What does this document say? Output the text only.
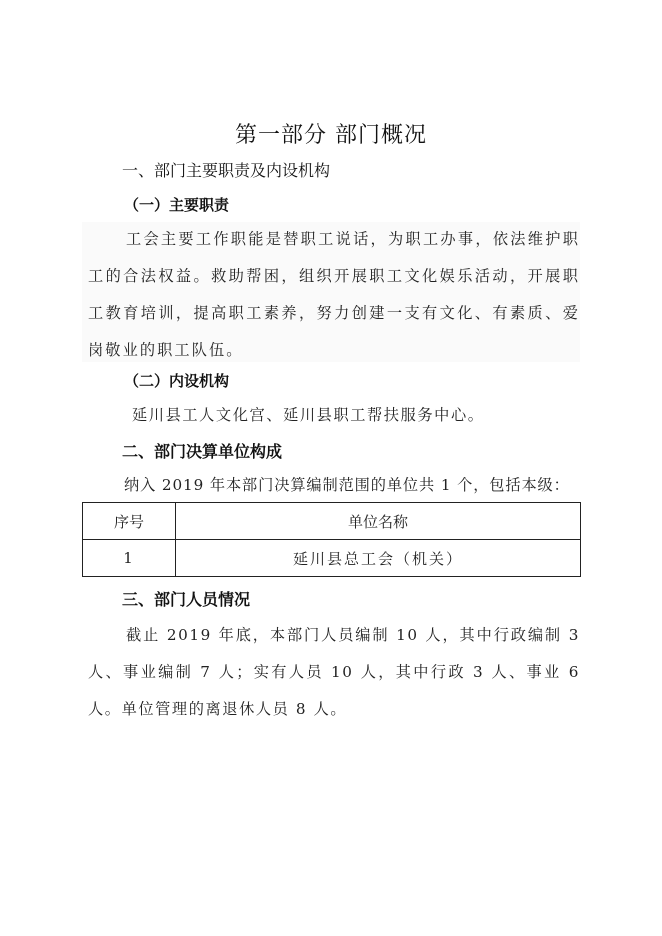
第一部分 部门概况
一、部门主要职责及内设机构
（一）主要职责
工会主要工作职能是替职工说话，为职工办事，依法维护职工的合法权益。救助帮困，组织开展职工文化娱乐活动，开展职工教育培训，提高职工素养，努力创建一支有文化、有素质、爱岗敬业的职工队伍。
（二）内设机构
延川县工人文化宫、延川县职工帮扶服务中心。
二、部门决算单位构成
纳入 2019 年本部门决算编制范围的单位共 1 个，包括本级：
序号	单位名称
1	延川县总工会（机关）
三、部门人员情况
截止 2019 年底，本部门人员编制 10 人，其中行政编制 3 人、事业编制 7 人；实有人员 10 人，其中行政 3 人、事业 6 人。单位管理的离退休人员 8 人。
